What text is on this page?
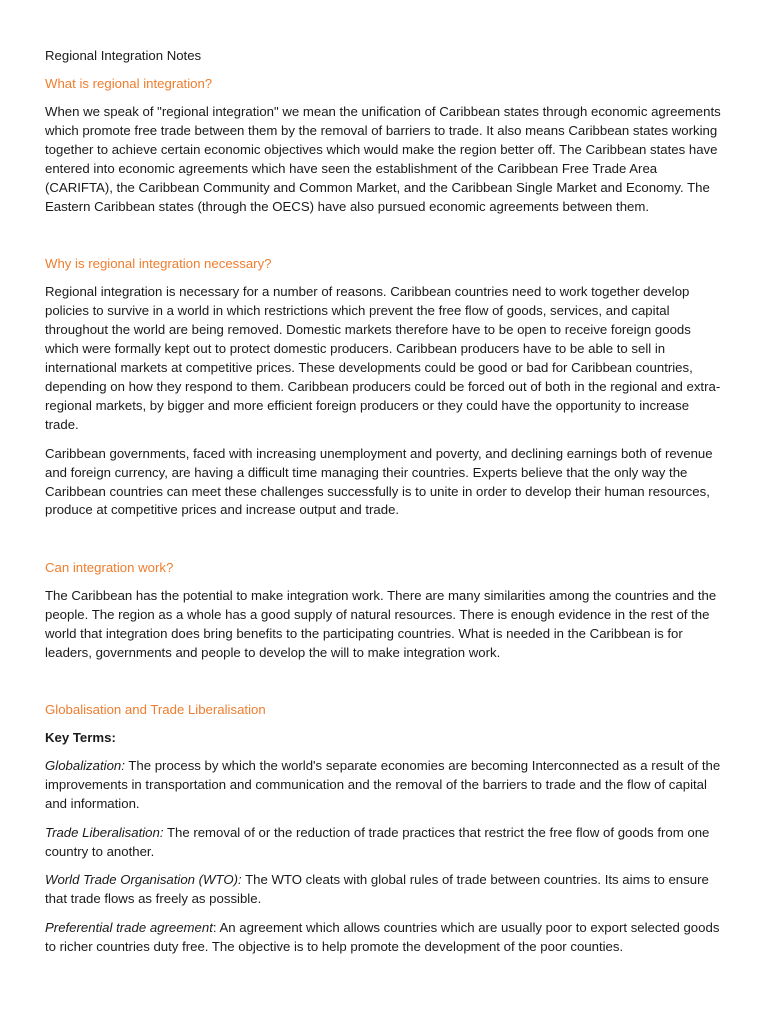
Regional Integration Notes
What is regional integration?

When we speak of "regional integration" we mean the unification of Caribbean states through economic agreements which promote free trade between them by the removal of barriers to trade. It also means Caribbean states working together to achieve certain economic objectives which would make the region better off. The Caribbean states have entered into economic agreements which have seen the establishment of the Caribbean Free Trade Area (CARIFTA), the Caribbean Community and Common Market, and the Caribbean Single Market and Economy. The Eastern Caribbean states (through the OECS) have also pursued economic agreements between them.

Why is regional integration necessary?

Regional integration is necessary for a number of reasons. Caribbean countries need to work together develop policies to survive in a world in which restrictions which prevent the free flow of goods, services, and capital throughout the world are being removed. Domestic markets therefore have to be open to receive foreign goods which were formally kept out to protect domestic producers. Caribbean producers have to be able to sell in international markets at competitive prices. These developments could be good or bad for Caribbean countries, depending on how they respond to them. Caribbean producers could be forced out of both in the regional and extra-regional markets, by bigger and more efficient foreign producers or they could have the opportunity to increase trade.

Caribbean governments, faced with increasing unemployment and poverty, and declining earnings both of revenue and foreign currency, are having a difficult time managing their countries. Experts believe that the only way the Caribbean countries can meet these challenges successfully is to unite in order to develop their human resources, produce at competitive prices and increase output and trade.

Can integration work?

The Caribbean has the potential to make integration work. There are many similarities among the countries and the people. The region as a whole has a good supply of natural resources. There is enough evidence in the rest of the world that integration does bring benefits to the participating countries. What is needed in the Caribbean is for leaders, governments and people to develop the will to make integration work.

Globalisation and Trade Liberalisation
Key Terms:

Globalization: The process by which the world's separate economies are becoming Interconnected as a result of the improvements in transportation and communication and the removal of the barriers to trade and the flow of capital and information.

Trade Liberalisation: The removal of or the reduction of trade practices that restrict the free flow of goods from one country to another.

World Trade Organisation (WTO): The WTO cleats with global rules of trade between countries. Its aims to ensure that trade flows as freely as possible.

Preferential trade agreement: An agreement which allows countries which are usually poor to export selected goods to richer countries duty free. The objective is to help promote the development of the poor counties.
